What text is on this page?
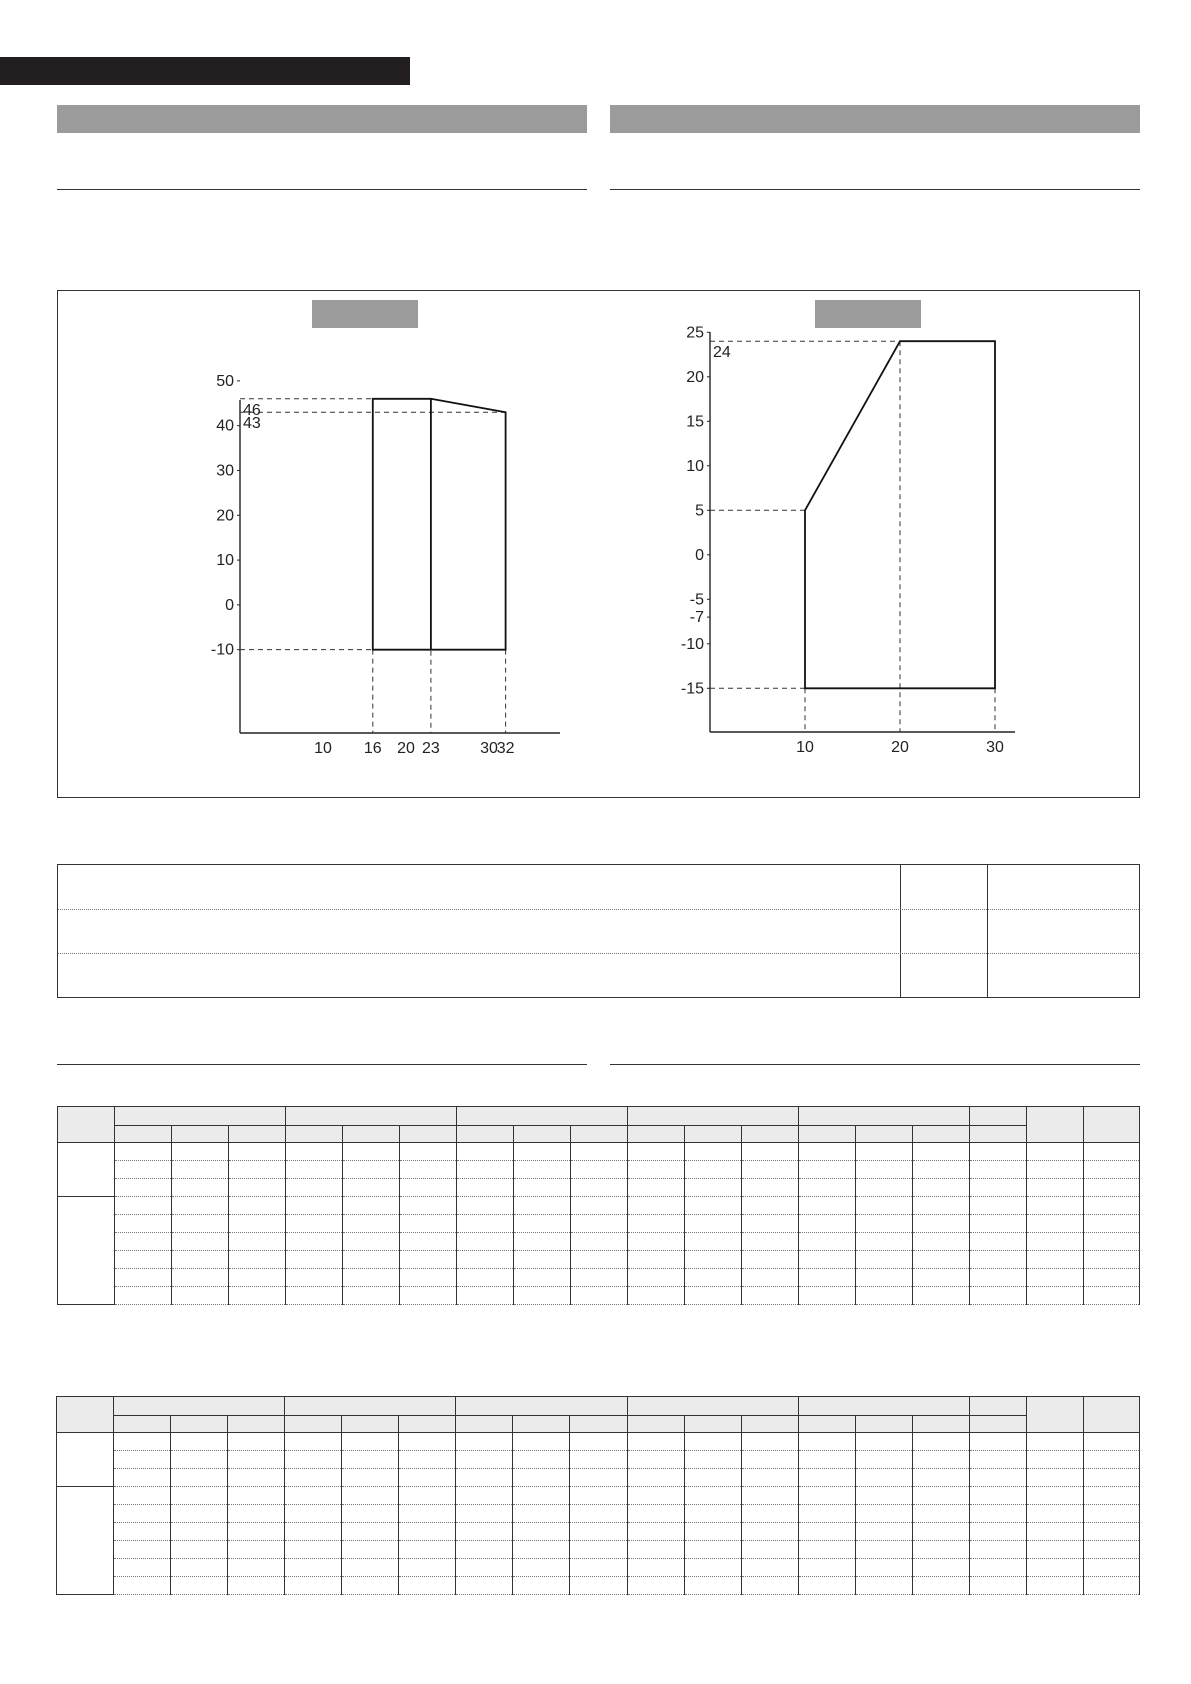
50
46
43
40
30
20
10
0
-10
10 16 20 23	30
32
25
24
20
15
10
5
0
-5
-7
-10
-15
10	20	30
